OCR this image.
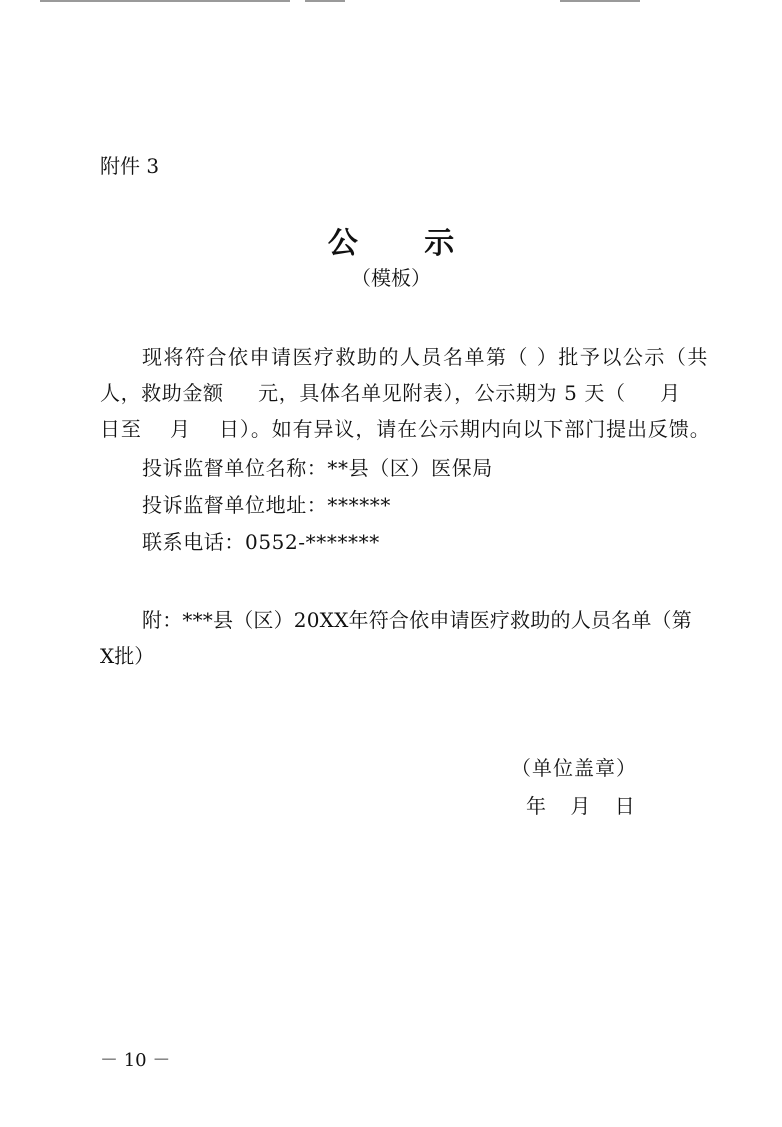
附件 3
公 示
（模板）
现将符合依申请医疗救助的人员名单第（ ）批予以公示（共
人，救助金额 　 元，具体名单见附表），公示期为 5 天（ 　 月
日至 　月 　日）。如有异议，请在公示期内向以下部门提出反馈。
投诉监督单位名称：**县（区）医保局
投诉监督单位地址：******
联系电话：0552-*******
附：***县（区）20XX年符合依申请医疗救助的人员名单（第
X批）
（单位盖章）
年 月 日
－ 10 －
